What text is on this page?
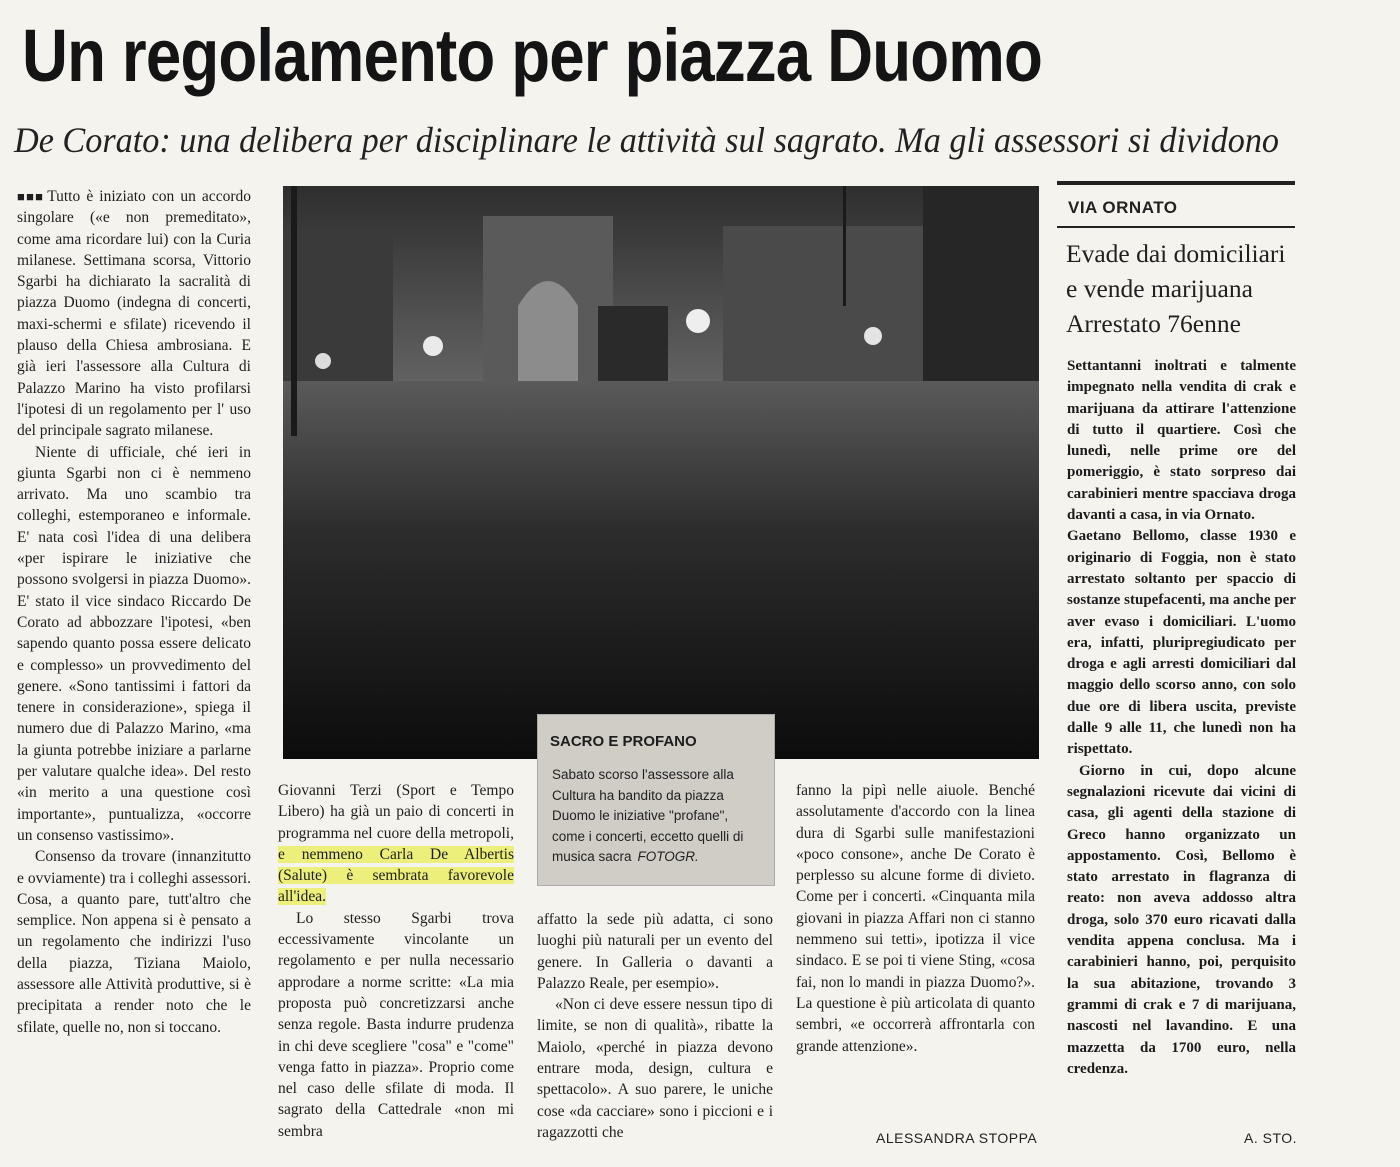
Un regolamento per piazza Duomo
De Corato: una delibera per disciplinare le attività sul sagrato. Ma gli assessori si dividono

■■■ Tutto è iniziato con un accordo singolare («e non premeditato», come ama ricordare lui) con la Curia milanese. Settimana scorsa, Vittorio Sgarbi ha dichiarato la sacralità di piazza Duomo (indegna di concerti, maxi-schermi e sfilate) ricevendo il plauso della Chiesa ambrosiana. E già ieri l'assessore alla Cultura di Palazzo Marino ha visto profilarsi l'ipotesi di un regolamento per l' uso del principale sagrato milanese.

Niente di ufficiale, ché ieri in giunta Sgarbi non ci è nemmeno arrivato. Ma uno scambio tra colleghi, estemporaneo e informale. E' nata così l'idea di una delibera «per ispirare le iniziative che possono svolgersi in piazza Duomo». E' stato il vice sindaco Riccardo De Corato ad abbozzare l'ipotesi, «ben sapendo quanto possa essere delicato e complesso» un provvedimento del genere. «Sono tantissimi i fattori da tenere in considerazione», spiega il numero due di Palazzo Marino, «ma la giunta potrebbe iniziare a parlarne per valutare qualche idea». Del resto «in merito a una questione così importante», puntualizza, «occorre un consenso vastissimo».

Consenso da trovare (innanzitutto e ovviamente) tra i colleghi assessori. Cosa, a quanto pare, tutt'altro che semplice. Non appena si è pensato a un regolamento che indirizzi l'uso della piazza, Tiziana Maiolo, assessore alle Attività produttive, si è precipitata a render noto che le sfilate, quelle no, non si toccano.

Giovanni Terzi (Sport e Tempo Libero) ha già un paio di concerti in programma nel cuore della metropoli, e nemmeno Carla De Albertis (Salute) è sembrata favorevole all'idea.

Lo stesso Sgarbi trova eccessivamente vincolante un regolamento e per nulla necessario approdare a norme scritte: «La mia proposta può concretizzarsi anche senza regole. Basta indurre prudenza in chi deve scegliere "cosa" e "come" venga fatto in piazza». Proprio come nel caso delle sfilate di moda. Il sagrato della Cattedrale «non mi sembra

SACRO E PROFANO
Sabato scorso l'assessore alla Cultura ha bandito da piazza Duomo le iniziative "profane", come i concerti, eccetto quelli di musica sacra FOTOGR.

affatto la sede più adatta, ci sono luoghi più naturali per un evento del genere. In Galleria o davanti a Palazzo Reale, per esempio».

«Non ci deve essere nessun tipo di limite, se non di qualità», ribatte la Maiolo, «perché in piazza devono entrare moda, design, cultura e spettacolo». A suo parere, le uniche cose «da cacciare» sono i piccioni e i ragazzotti che

fanno la pipì nelle aiuole. Benché assolutamente d'accordo con la linea dura di Sgarbi sulle manifestazioni «poco consone», anche De Corato è perplesso su alcune forme di divieto. Come per i concerti. «Cinquanta mila giovani in piazza Affari non ci stanno nemmeno sui tetti», ipotizza il vice sindaco. E se poi ti viene Sting, «cosa fai, non lo mandi in piazza Duomo?». La questione è più articolata di quanto sembri, «e occorrerà affrontarla con grande attenzione».

ALESSANDRA STOPPA
VIA ORNATO
Evade dai domiciliari
e vende marijuana
Arrestato 76enne

Settantanni inoltrati e talmente impegnato nella vendita di crak e marijuana da attirare l'attenzione di tutto il quartiere. Così che lunedì, nelle prime ore del pomeriggio, è stato sorpreso dai carabinieri mentre spacciava droga davanti a casa, in via Ornato.

Gaetano Bellomo, classe 1930 e originario di Foggia, non è stato arrestato soltanto per spaccio di sostanze stupefacenti, ma anche per aver evaso i domiciliari. L'uomo era, infatti, pluripregiudicato per droga e agli arresti domiciliari dal maggio dello scorso anno, con solo due ore di libera uscita, previste dalle 9 alle 11, che lunedì non ha rispettato.

Giorno in cui, dopo alcune segnalazioni ricevute dai vicini di casa, gli agenti della stazione di Greco hanno organizzato un appostamento. Così, Bellomo è stato arrestato in flagranza di reato: non aveva addosso altra droga, solo 370 euro ricavati dalla vendita appena conclusa. Ma i carabinieri hanno, poi, perquisito la sua abitazione, trovando 3 grammi di crak e 7 di marijuana, nascosti nel lavandino. E una mazzetta da 1700 euro, nella credenza.

A. STO.
